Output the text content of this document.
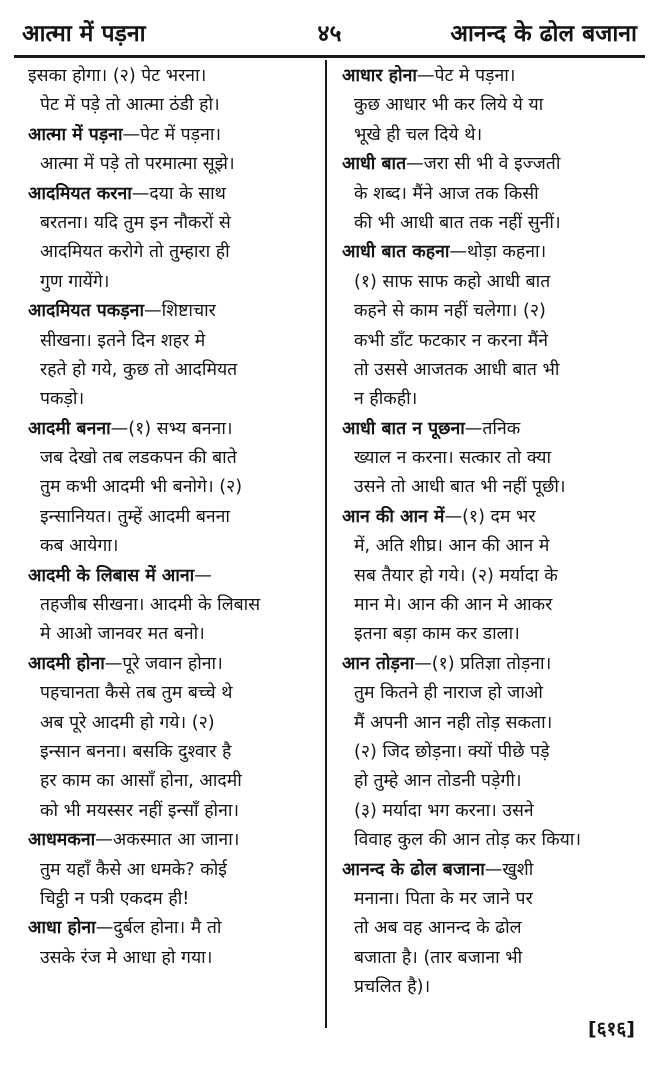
आत्मा में पड़ना	४५	आनन्द के ढोल बजाना
इसका होगा। (२) पेट भरना।
पेट में पड़े तो आत्मा ठंडी हो।
आत्मा में पड़ना—पेट में पड़ना।
आत्मा में पड़े तो परमात्मा सूझे।
आदमियत करना—दया के साथ
बरतना। यदि तुम इन नौकरों से
आदमियत करोगे तो तुम्हारा ही
गुण गायेंगे।
आदमियत पकड़ना—शिष्टाचार
सीखना। इतने दिन शहर मे
रहते हो गये, कुछ तो आदमियत
पकड़ो।
आदमी बनना—(१) सभ्य बनना।
जब देखो तब लडकपन की बाते
तुम कभी आदमी भी बनोगे। (२)
इन्सानियत। तुम्हें आदमी बनना
कब आयेगा।
आदमी के लिबास में आना—
तहजीब सीखना। आदमी के लिबास
मे आओ जानवर मत बनो।
आदमी होना—पूरे जवान होना।
पहचानता कैसे तब तुम बच्चे थे
अब पूरे आदमी हो गये। (२)
इन्सान बनना। बसकि दुश्वार है
हर काम का आसाँ होना, आदमी
को भी मयस्सर नहीं इन्साँ होना।
आधमकना—अकस्मात आ जाना।
तुम यहाँ कैसे आ धमके? कोई
चिट्ठी न पत्री एकदम ही!
आधा होना—दुर्बल होना। मै तो
उसके रंज मे आधा हो गया।
आधार होना—पेट मे पड़ना।
कुछ आधार भी कर लिये ये या
भूखे ही चल दिये थे।
आधी बात—जरा सी भी वे इज्जती
के शब्द। मैंने आज तक किसी
की भी आधी बात तक नहीं सुनीं।
आधी बात कहना—थोड़ा कहना।
(१) साफ साफ कहो आधी बात
कहने से काम नहीं चलेगा। (२)
कभी डाँट फटकार न करना मैंने
तो उससे आजतक आधी बात भी
न हीकही।
आधी बात न पूछना—तनिक
ख्याल न करना। सत्कार तो क्या
उसने तो आधी बात भी नहीं पूछी।
आन की आन में—(१) दम भर
में, अति शीघ्र। आन की आन मे
सब तैयार हो गये। (२) मर्यादा के
मान मे। आन की आन मे आकर
इतना बड़ा काम कर डाला।
आन तोड़ना—(१) प्रतिज्ञा तोड़ना।
तुम कितने ही नाराज हो जाओ
मैं अपनी आन नही तोड़ सकता।
(२) जिद छोड़ना। क्यों पीछे पड़े
हो तुम्हे आन तोडनी पड़ेगी।
(३) मर्यादा भग करना। उसने
विवाह कुल की आन तोड़ कर किया।
आनन्द के ढोल बजाना—खुशी
मनाना। पिता के मर जाने पर
तो अब वह आनन्द के ढोल
बजाता है। (तार बजाना भी
प्रचलित है)।
[६१६]
